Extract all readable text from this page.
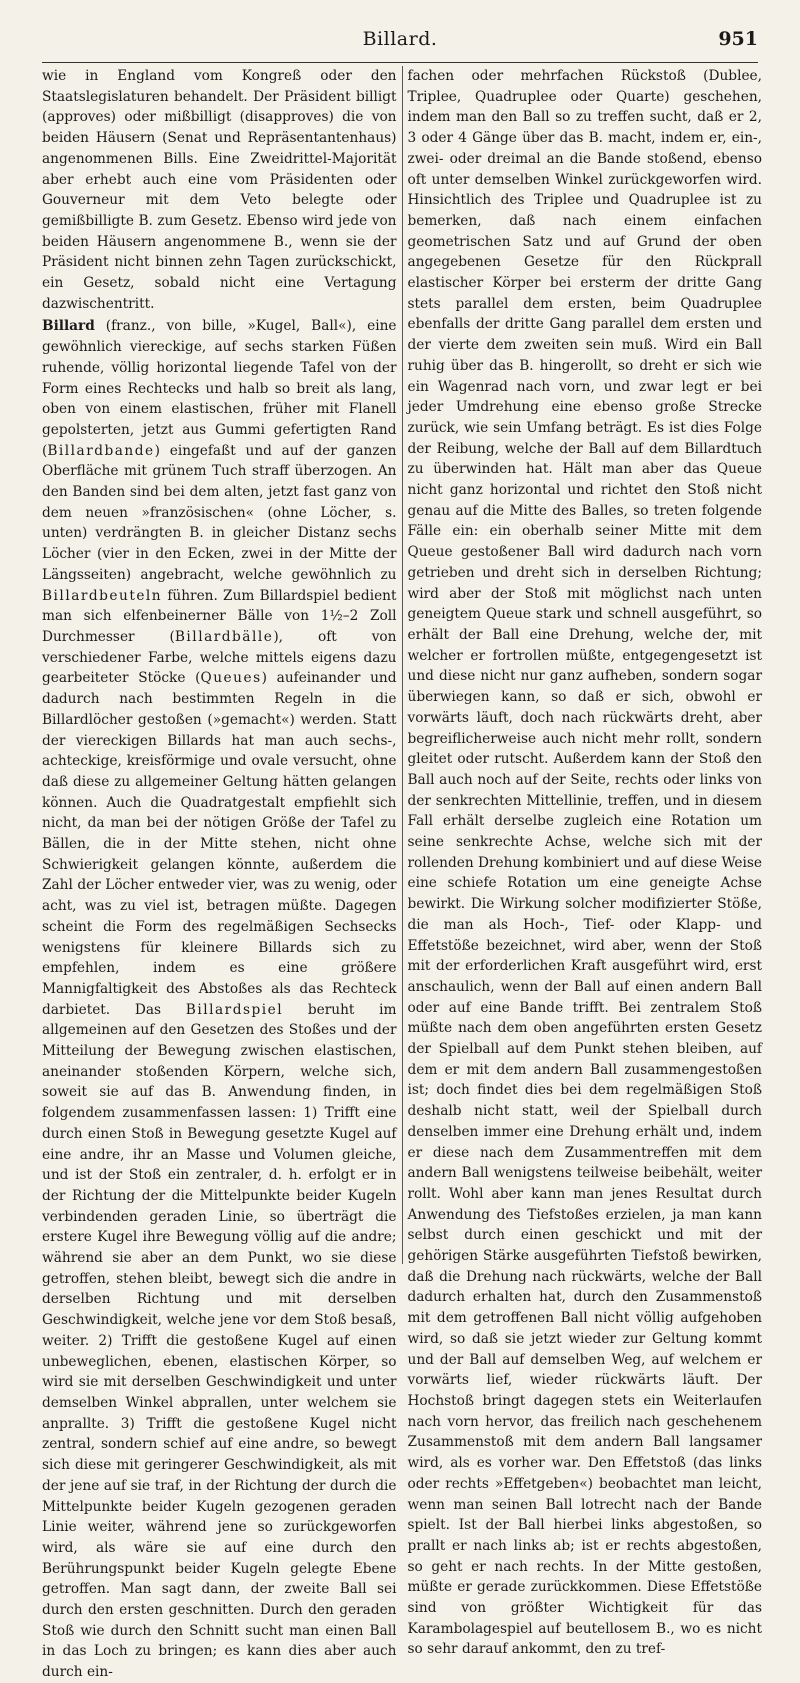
Billard.	951

wie in England vom Kongreß oder den Staatslegislaturen behandelt. Der Präsident billigt (approves) oder mißbilligt (disapproves) die von beiden Häusern (Senat und Repräsentantenhaus) angenommenen Bills. Eine Zweidrittel-Majorität aber erhebt auch eine vom Präsidenten oder Gouverneur mit dem Veto belegte oder gemißbilligte B. zum Gesetz. Ebenso wird jede von beiden Häusern angenommene B., wenn sie der Präsident nicht binnen zehn Tagen zurückschickt, ein Gesetz, sobald nicht eine Vertagung dazwischentritt.

Billard (franz., von bille, »Kugel, Ball«), eine gewöhnlich viereckige, auf sechs starken Füßen ruhende, völlig horizontal liegende Tafel von der Form eines Rechtecks und halb so breit als lang, oben von einem elastischen, früher mit Flanell gepolsterten, jetzt aus Gummi gefertigten Rand (Billardbande) eingefaßt und auf der ganzen Oberfläche mit grünem Tuch straff überzogen. An den Banden sind bei dem alten, jetzt fast ganz von dem neuen »französischen« (ohne Löcher, s. unten) verdrängten B. in gleicher Distanz sechs Löcher (vier in den Ecken, zwei in der Mitte der Längsseiten) angebracht, welche gewöhnlich zu Billardbeuteln führen. Zum Billardspiel bedient man sich elfenbeinerner Bälle von 1½–2 Zoll Durchmesser (Billardbälle), oft von verschiedener Farbe, welche mittels eigens dazu gearbeiteter Stöcke (Queues) aufeinander und dadurch nach bestimmten Regeln in die Billardlöcher gestoßen (»gemacht«) werden. Statt der viereckigen Billards hat man auch sechs-, achteckige, kreisförmige und ovale versucht, ohne daß diese zu allgemeiner Geltung hätten gelangen können. Auch die Quadratgestalt empfiehlt sich nicht, da man bei der nötigen Größe der Tafel zu Bällen, die in der Mitte stehen, nicht ohne Schwierigkeit gelangen könnte, außerdem die Zahl der Löcher entweder vier, was zu wenig, oder acht, was zu viel ist, betragen müßte. Dagegen scheint die Form des regelmäßigen Sechsecks wenigstens für kleinere Billards sich zu empfehlen, indem es eine größere Mannigfaltigkeit des Abstoßes als das Rechteck darbietet. Das Billardspiel beruht im allgemeinen auf den Gesetzen des Stoßes und der Mitteilung der Bewegung zwischen elastischen, aneinander stoßenden Körpern, welche sich, soweit sie auf das B. Anwendung finden, in folgendem zusammenfassen lassen: 1) Trifft eine durch einen Stoß in Bewegung gesetzte Kugel auf eine andre, ihr an Masse und Volumen gleiche, und ist der Stoß ein zentraler, d. h. erfolgt er in der Richtung der die Mittelpunkte beider Kugeln verbindenden geraden Linie, so überträgt die erstere Kugel ihre Bewegung völlig auf die andre; während sie aber an dem Punkt, wo sie diese getroffen, stehen bleibt, bewegt sich die andre in derselben Richtung und mit derselben Geschwindigkeit, welche jene vor dem Stoß besaß, weiter. 2) Trifft die gestoßene Kugel auf einen unbeweglichen, ebenen, elastischen Körper, so wird sie mit derselben Geschwindigkeit und unter demselben Winkel abprallen, unter welchem sie anprallte. 3) Trifft die gestoßene Kugel nicht zentral, sondern schief auf eine andre, so bewegt sich diese mit geringerer Geschwindigkeit, als mit der jene auf sie traf, in der Richtung der durch die Mittelpunkte beider Kugeln gezogenen geraden Linie weiter, während jene so zurückgeworfen wird, als wäre sie auf eine durch den Berührungspunkt beider Kugeln gelegte Ebene getroffen. Man sagt dann, der zweite Ball sei durch den ersten geschnitten. Durch den geraden Stoß wie durch den Schnitt sucht man einen Ball in das Loch zu bringen; es kann dies aber auch durch ein-

fachen oder mehrfachen Rückstoß (Dublee, Triplee, Quadruplee oder Quarte) geschehen, indem man den Ball so zu treffen sucht, daß er 2, 3 oder 4 Gänge über das B. macht, indem er, ein-, zwei- oder dreimal an die Bande stoßend, ebenso oft unter demselben Winkel zurückgeworfen wird. Hinsichtlich des Triplee und Quadruplee ist zu bemerken, daß nach einem einfachen geometrischen Satz und auf Grund der oben angegebenen Gesetze für den Rückprall elastischer Körper bei ersterm der dritte Gang stets parallel dem ersten, beim Quadruplee ebenfalls der dritte Gang parallel dem ersten und der vierte dem zweiten sein muß. Wird ein Ball ruhig über das B. hingerollt, so dreht er sich wie ein Wagenrad nach vorn, und zwar legt er bei jeder Umdrehung eine ebenso große Strecke zurück, wie sein Umfang beträgt. Es ist dies Folge der Reibung, welche der Ball auf dem Billardtuch zu überwinden hat. Hält man aber das Queue nicht ganz horizontal und richtet den Stoß nicht genau auf die Mitte des Balles, so treten folgende Fälle ein: ein oberhalb seiner Mitte mit dem Queue gestoßener Ball wird dadurch nach vorn getrieben und dreht sich in derselben Richtung; wird aber der Stoß mit möglichst nach unten geneigtem Queue stark und schnell ausgeführt, so erhält der Ball eine Drehung, welche der, mit welcher er fortrollen müßte, entgegengesetzt ist und diese nicht nur ganz aufheben, sondern sogar überwiegen kann, so daß er sich, obwohl er vorwärts läuft, doch nach rückwärts dreht, aber begreiflicherweise auch nicht mehr rollt, sondern gleitet oder rutscht. Außerdem kann der Stoß den Ball auch noch auf der Seite, rechts oder links von der senkrechten Mittellinie, treffen, und in diesem Fall erhält derselbe zugleich eine Rotation um seine senkrechte Achse, welche sich mit der rollenden Drehung kombiniert und auf diese Weise eine schiefe Rotation um eine geneigte Achse bewirkt. Die Wirkung solcher modifizierter Stöße, die man als Hoch-, Tief- oder Klapp- und Effetstöße bezeichnet, wird aber, wenn der Stoß mit der erforderlichen Kraft ausgeführt wird, erst anschaulich, wenn der Ball auf einen andern Ball oder auf eine Bande trifft. Bei zentralem Stoß müßte nach dem oben angeführten ersten Gesetz der Spielball auf dem Punkt stehen bleiben, auf dem er mit dem andern Ball zusammengestoßen ist; doch findet dies bei dem regelmäßigen Stoß deshalb nicht statt, weil der Spielball durch denselben immer eine Drehung erhält und, indem er diese nach dem Zusammentreffen mit dem andern Ball wenigstens teilweise beibehält, weiter rollt. Wohl aber kann man jenes Resultat durch Anwendung des Tiefstoßes erzielen, ja man kann selbst durch einen geschickt und mit der gehörigen Stärke ausgeführten Tiefstoß bewirken, daß die Drehung nach rückwärts, welche der Ball dadurch erhalten hat, durch den Zusammenstoß mit dem getroffenen Ball nicht völlig aufgehoben wird, so daß sie jetzt wieder zur Geltung kommt und der Ball auf demselben Weg, auf welchem er vorwärts lief, wieder rückwärts läuft. Der Hochstoß bringt dagegen stets ein Weiterlaufen nach vorn hervor, das freilich nach geschehenem Zusammenstoß mit dem andern Ball langsamer wird, als es vorher war. Den Effetstoß (das links oder rechts »Effetgeben«) beobachtet man leicht, wenn man seinen Ball lotrecht nach der Bande spielt. Ist der Ball hierbei links abgestoßen, so prallt er nach links ab; ist er rechts abgestoßen, so geht er nach rechts. In der Mitte gestoßen, müßte er gerade zurückkommen. Diese Effetstöße sind von größter Wichtigkeit für das Karambolagespiel auf beutellosem B., wo es nicht so sehr darauf ankommt, den zu tref-
